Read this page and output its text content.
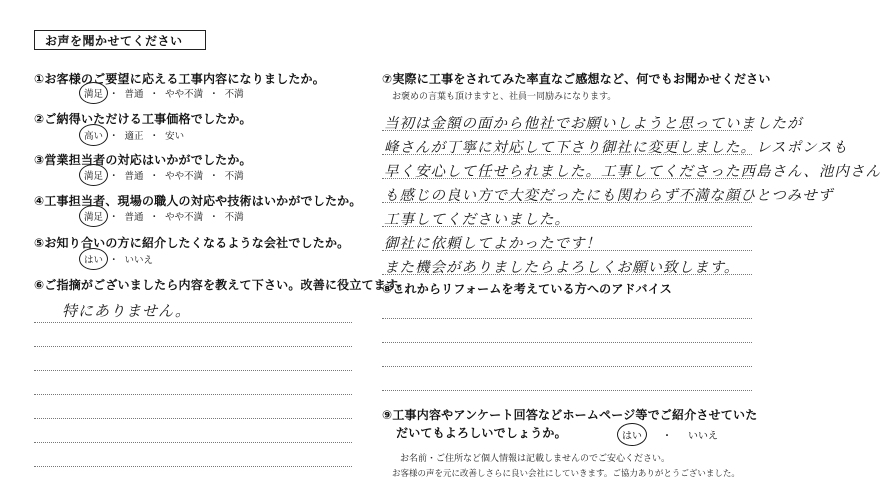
お声を聞かせてください
①お客様のご要望に応える工事内容になりましたか。
満足 ・ 普通 ・ やや不満 ・ 不満
②ご納得いただける工事価格でしたか。
高い ・ 適正 ・ 安い
③営業担当者の対応はいかがでしたか。
満足 ・ 普通 ・ やや不満 ・ 不満
④工事担当者、現場の職人の対応や技術はいかがでしたか。
満足 ・ 普通 ・ やや不満 ・ 不満
⑤お知り合いの方に紹介したくなるような会社でしたか。
はい ・ いいえ
⑥ご指摘がございましたら内容を教えて下さい。改善に役立てます。
特にありません。
⑦実際に工事をされてみた率直なご感想など、何でもお聞かせください
お褒めの言葉も頂けますと、社員一同励みになります。
当初は金額の面から他社でお願いしようと思っていましたが
峰さんが丁寧に対応して下さり御社に変更しました。レスポンスも
早く安心して任せられました。工事してくださった西島さん、池内さん
も感じの良い方で大変だったにも関わらず不満な顔ひとつみせず
工事してくださいました。
御社に依頼してよかったです！
また機会がありましたらよろしくお願い致します。
⑧これからリフォームを考えている方へのアドバイス
⑨工事内容やアンケート回答などホームページ等でご紹介させていた
だいてもよろしいでしょうか。	はい ・ いいえ
お名前・ご住所など個人情報は記載しませんのでご安心ください。
お客様の声を元に改善しさらに良い会社にしていきます。ご協力ありがとうございました。
